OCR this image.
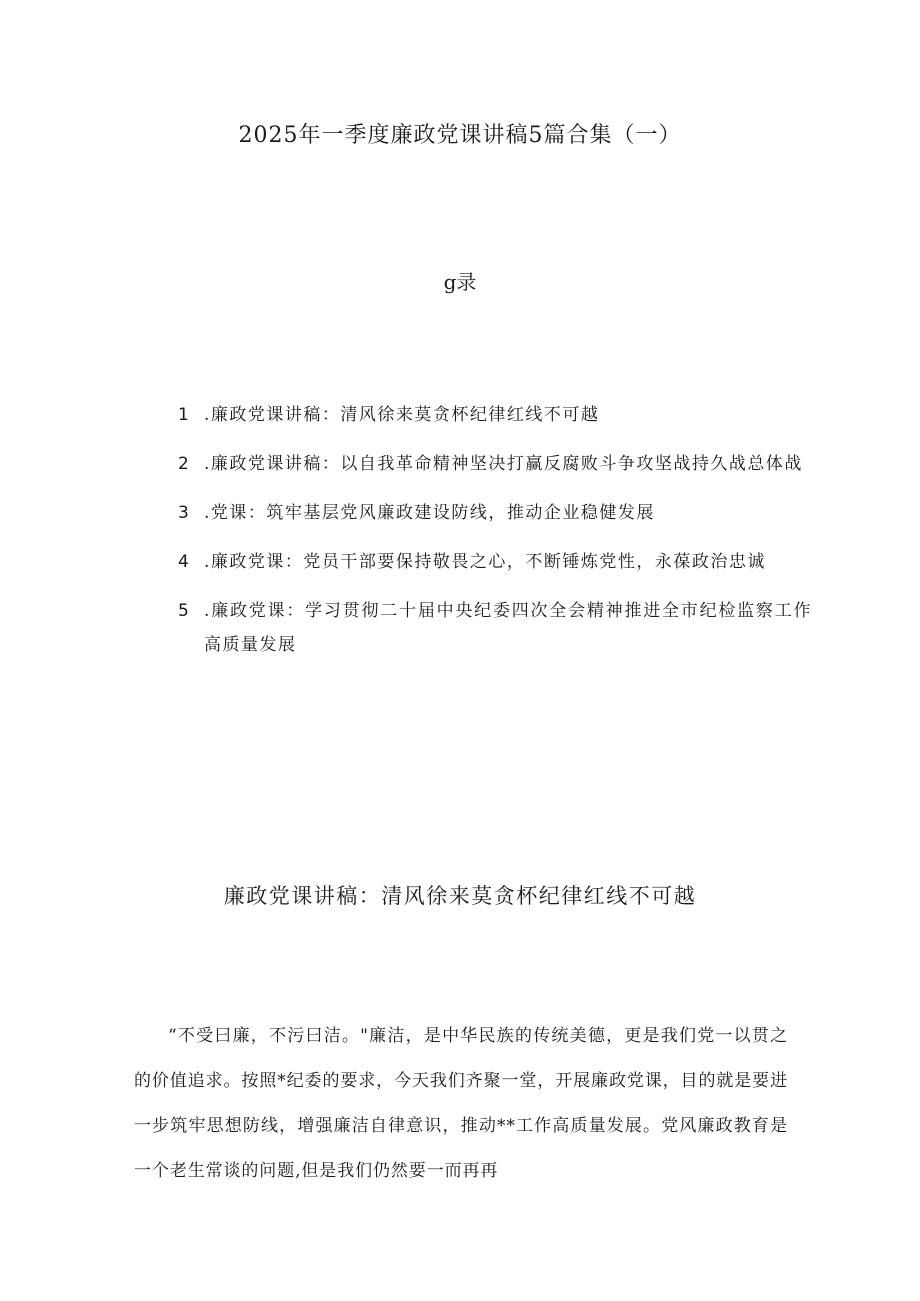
2025年一季度廉政党课讲稿5篇合集（一）
g录
1 .廉政党课讲稿：清风徐来莫贪杯纪律红线不可越
2 .廉政党课讲稿：以自我革命精神坚决打赢反腐败斗争攻坚战持久战总体战
3 .党课：筑牢基层党风廉政建设防线，推动企业稳健发展
4 .廉政党课：党员干部要保持敬畏之心，不断锤炼党性，永葆政治忠诚
5 .廉政党课：学习贯彻二十届中央纪委四次全会精神推进全市纪检监察工作高质量发展
廉政党课讲稿：清风徐来莫贪杯纪律红线不可越

“不受曰廉，不污曰洁。"廉洁，是中华民族的传统美德，更是我们党一以贯之的价值追求。按照*纪委的要求，今天我们齐聚一堂，开展廉政党课，目的就是要进一步筑牢思想防线，增强廉洁自律意识，推动**工作高质量发展。党风廉政教育是一个老生常谈的问题,但是我们仍然要一而再再
